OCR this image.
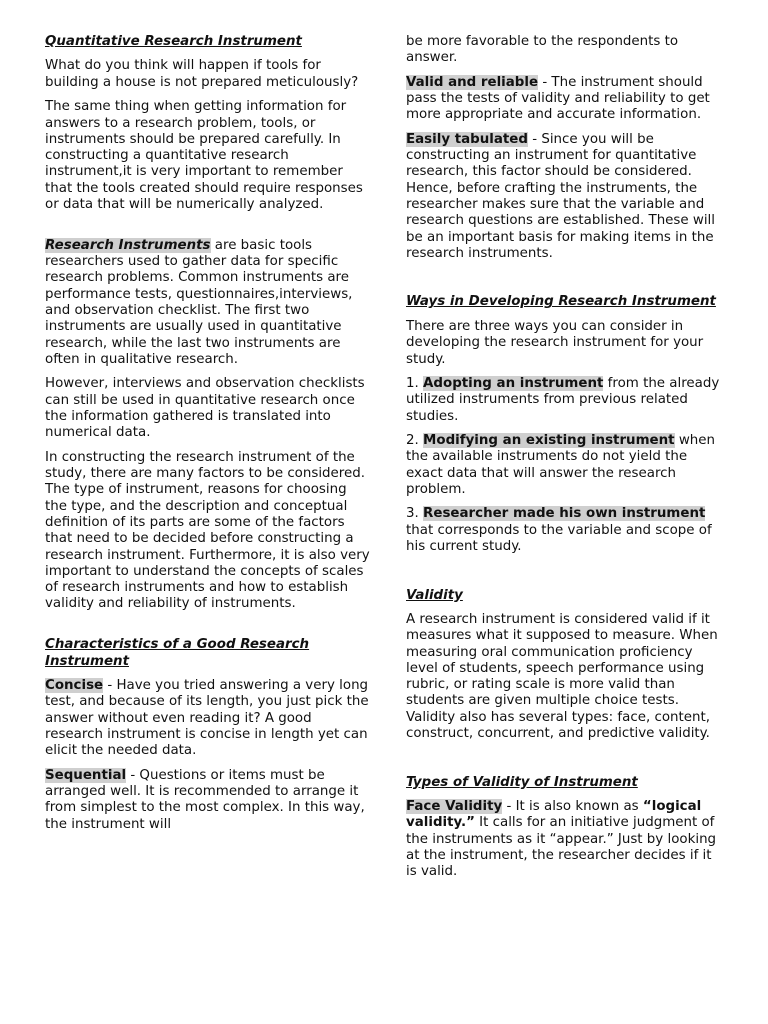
Quantitative Research Instrument

What do you think will happen if tools for building a house is not prepared meticulously?

The same thing when getting information for answers to a research problem, tools, or instruments should be prepared carefully. In constructing a quantitative research instrument,it is very important to remember that the tools created should require responses or data that will be numerically analyzed.

Research Instruments are basic tools researchers used to gather data for specific research problems. Common instruments are performance tests, questionnaires,interviews, and observation checklist. The first two instruments are usually used in quantitative research, while the last two instruments are often in qualitative research.

However, interviews and observation checklists can still be used in quantitative research once the information gathered is translated into numerical data.

In constructing the research instrument of the study, there are many factors to be considered. The type of instrument, reasons for choosing the type, and the description and conceptual definition of its parts are some of the factors that need to be decided before constructing a research instrument. Furthermore, it is also very important to understand the concepts of scales of research instruments and how to establish validity and reliability of instruments.

Characteristics of a Good Research Instrument

Concise - Have you tried answering a very long test, and because of its length, you just pick the answer without even reading it? A good research instrument is concise in length yet can elicit the needed data.

Sequential - Questions or items must be arranged well. It is recommended to arrange it from simplest to the most complex. In this way, the instrument will

be more favorable to the respondents to answer.

Valid and reliable - The instrument should pass the tests of validity and reliability to get more appropriate and accurate information.

Easily tabulated - Since you will be constructing an instrument for quantitative research, this factor should be considered. Hence, before crafting the instruments, the researcher makes sure that the variable and research questions are established. These will be an important basis for making items in the research instruments.

Ways in Developing Research Instrument

There are three ways you can consider in developing the research instrument for your study.

1. Adopting an instrument from the already utilized instruments from previous related studies.

2. Modifying an existing instrument when the available instruments do not yield the exact data that will answer the research problem.

3. Researcher made his own instrument that corresponds to the variable and scope of his current study.

Validity

A research instrument is considered valid if it measures what it supposed to measure. When measuring oral communication proficiency level of students, speech performance using rubric, or rating scale is more valid than students are given multiple choice tests. Validity also has several types: face, content, construct, concurrent, and predictive validity.

Types of Validity of Instrument

Face Validity - It is also known as “logical validity.” It calls for an initiative judgment of the instruments as it “appear.” Just by looking at the instrument, the researcher decides if it is valid.
